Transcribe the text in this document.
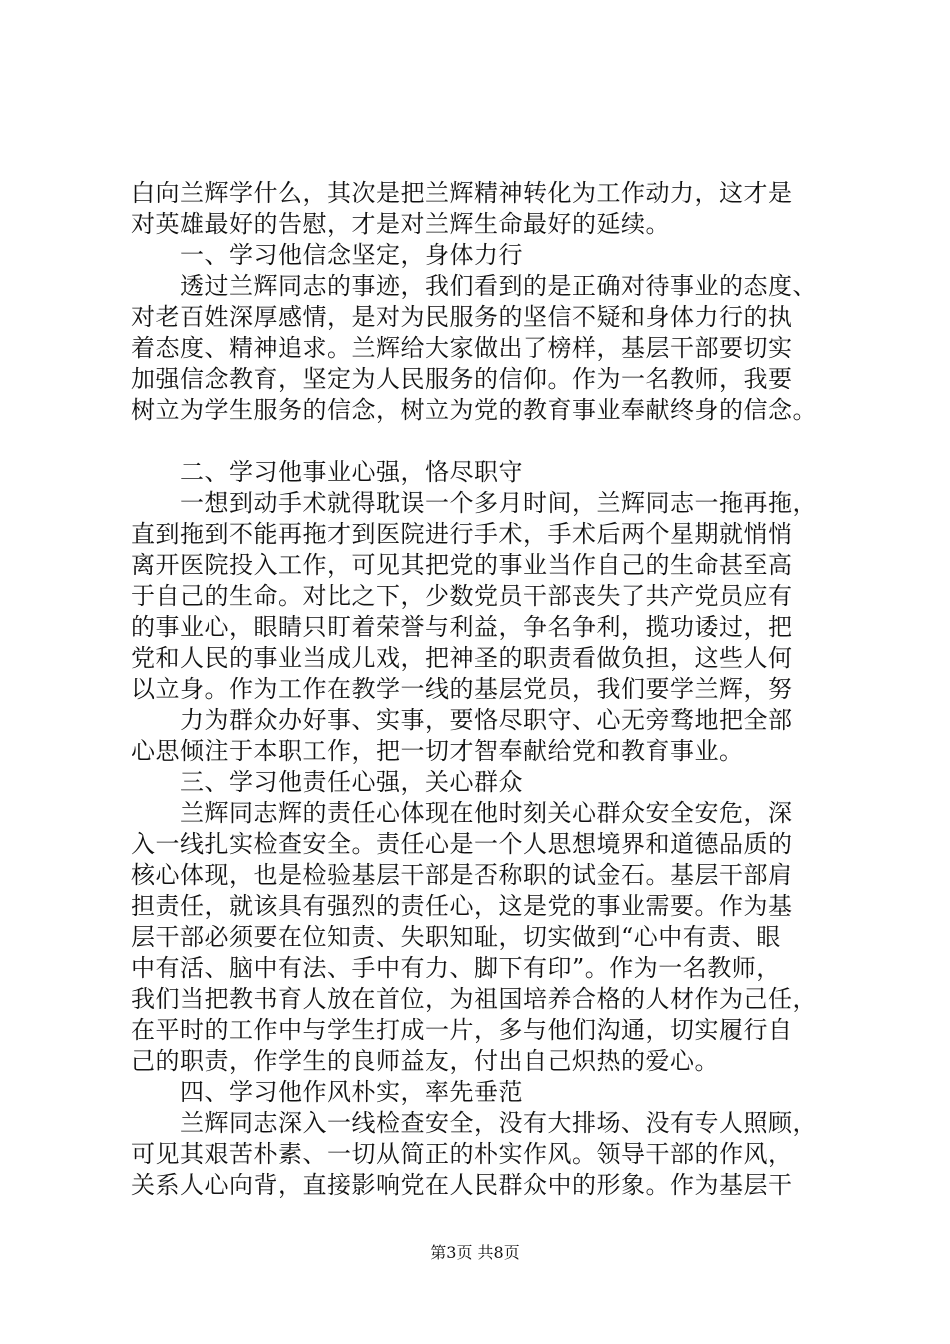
白向兰辉学什么，其次是把兰辉精神转化为工作动力，这才是
对英雄最好的告慰，才是对兰辉生命最好的延续。
　　一、学习他信念坚定，身体力行
　　透过兰辉同志的事迹，我们看到的是正确对待事业的态度、
对老百姓深厚感情，是对为民服务的坚信不疑和身体力行的执
着态度、精神追求。兰辉给大家做出了榜样，基层干部要切实
加强信念教育，坚定为人民服务的信仰。作为一名教师，我要
树立为学生服务的信念，树立为党的教育事业奉献终身的信念。
　　二、学习他事业心强，恪尽职守
　　一想到动手术就得耽误一个多月时间，兰辉同志一拖再拖，
直到拖到不能再拖才到医院进行手术，手术后两个星期就悄悄
离开医院投入工作，可见其把党的事业当作自己的生命甚至高
于自己的生命。对比之下，少数党员干部丧失了共产党员应有
的事业心，眼睛只盯着荣誉与利益，争名争利，揽功诿过，把
党和人民的事业当成儿戏，把神圣的职责看做负担，这些人何
以立身。作为工作在教学一线的基层党员，我们要学兰辉，努
　　力为群众办好事、实事，要恪尽职守、心无旁骛地把全部
心思倾注于本职工作，把一切才智奉献给党和教育事业。
　　三、学习他责任心强，关心群众
　　兰辉同志辉的责任心体现在他时刻关心群众安全安危，深
入一线扎实检查安全。责任心是一个人思想境界和道德品质的
核心体现，也是检验基层干部是否称职的试金石。基层干部肩
担责任，就该具有强烈的责任心，这是党的事业需要。作为基
层干部必须要在位知责、失职知耻，切实做到“心中有责、眼
中有活、脑中有法、手中有力、脚下有印”。作为一名教师，
我们当把教书育人放在首位，为祖国培养合格的人材作为己任，
在平时的工作中与学生打成一片，多与他们沟通，切实履行自
己的职责，作学生的良师益友，付出自己炽热的爱心。
　　四、学习他作风朴实，率先垂范
　　兰辉同志深入一线检查安全，没有大排场、没有专人照顾，
可见其艰苦朴素、一切从简正的朴实作风。领导干部的作风，
关系人心向背，直接影响党在人民群众中的形象。作为基层干
第3页 共8页
